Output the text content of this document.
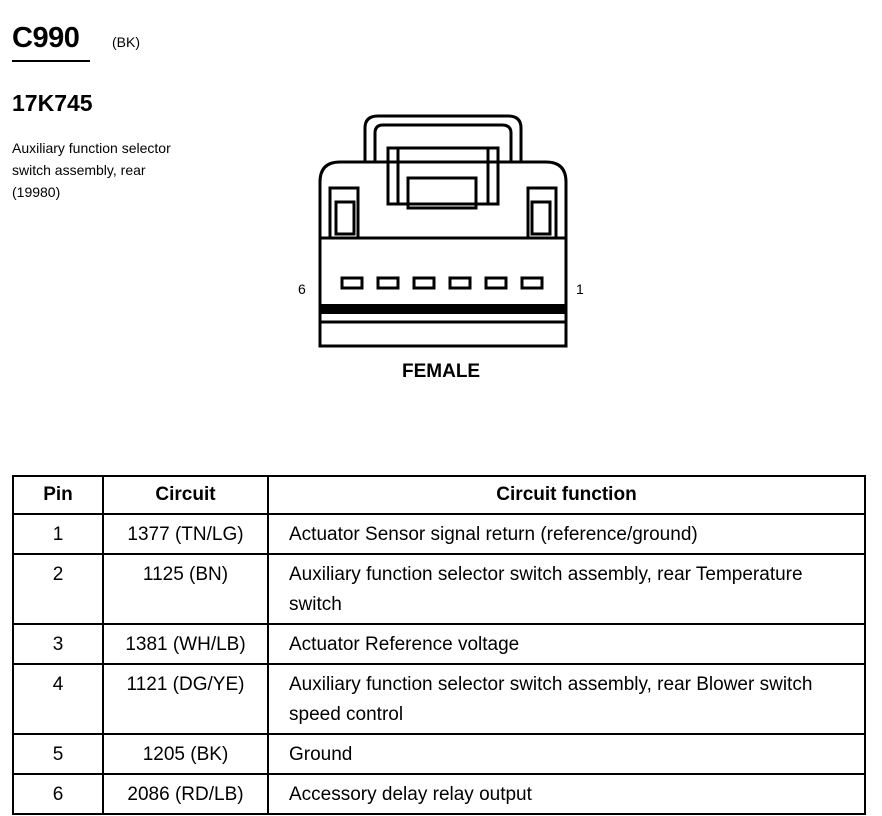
C990 (BK)
17K745
Auxiliary function selector switch assembly, rear (19980)
6	1
FEMALE
Pin	Circuit	Circuit function
1	1377 (TN/LG)	Actuator Sensor signal return (reference/ground)
2	1125 (BN)	Auxiliary function selector switch assembly, rear Temperature switch
3	1381 (WH/LB)	Actuator Reference voltage
4	1121 (DG/YE)	Auxiliary function selector switch assembly, rear Blower switch speed control
5	1205 (BK)	Ground
6	2086 (RD/LB)	Accessory delay relay output
